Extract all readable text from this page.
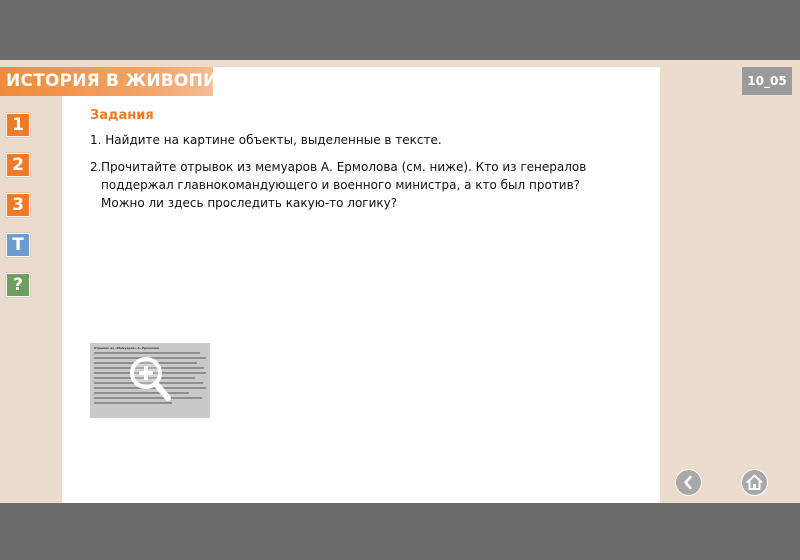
ИСТОРИЯ В ЖИВОПИСИ	10_05
1
2
3
Т
?
Задания
1. Найдите на картине объекты, выделенные в тексте.
2. Прочитайте отрывок из мемуаров А. Ермолова (см. ниже). Кто из генералов поддержал главнокомандующего и военного министра, а кто был против? Можно ли здесь проследить какую-то логику?
Отрывок из «Мемуаров» А. Ермолова
